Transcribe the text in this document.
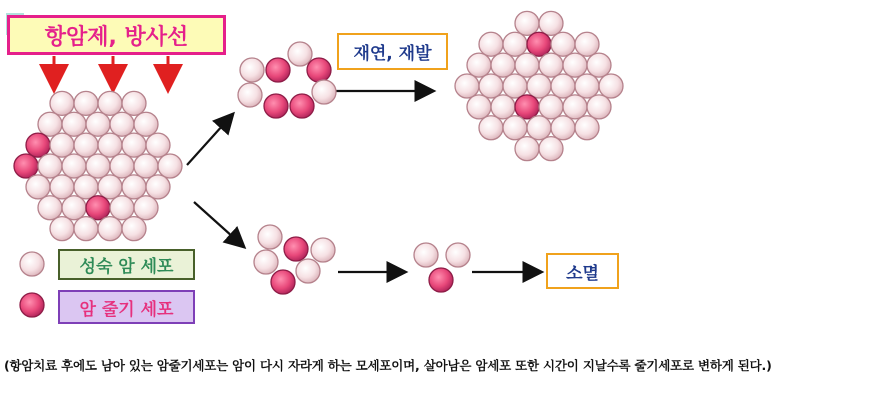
항암제, 방사선
재연, 재발
소멸
성숙 암 세포
암 줄기 세포
(항암치료 후에도 남아 있는 암줄기세포는 암이 다시 자라게 하는 모세포이며, 살아남은 암세포 또한 시간이 지날수록 줄기세포로 변하게 된다.)
